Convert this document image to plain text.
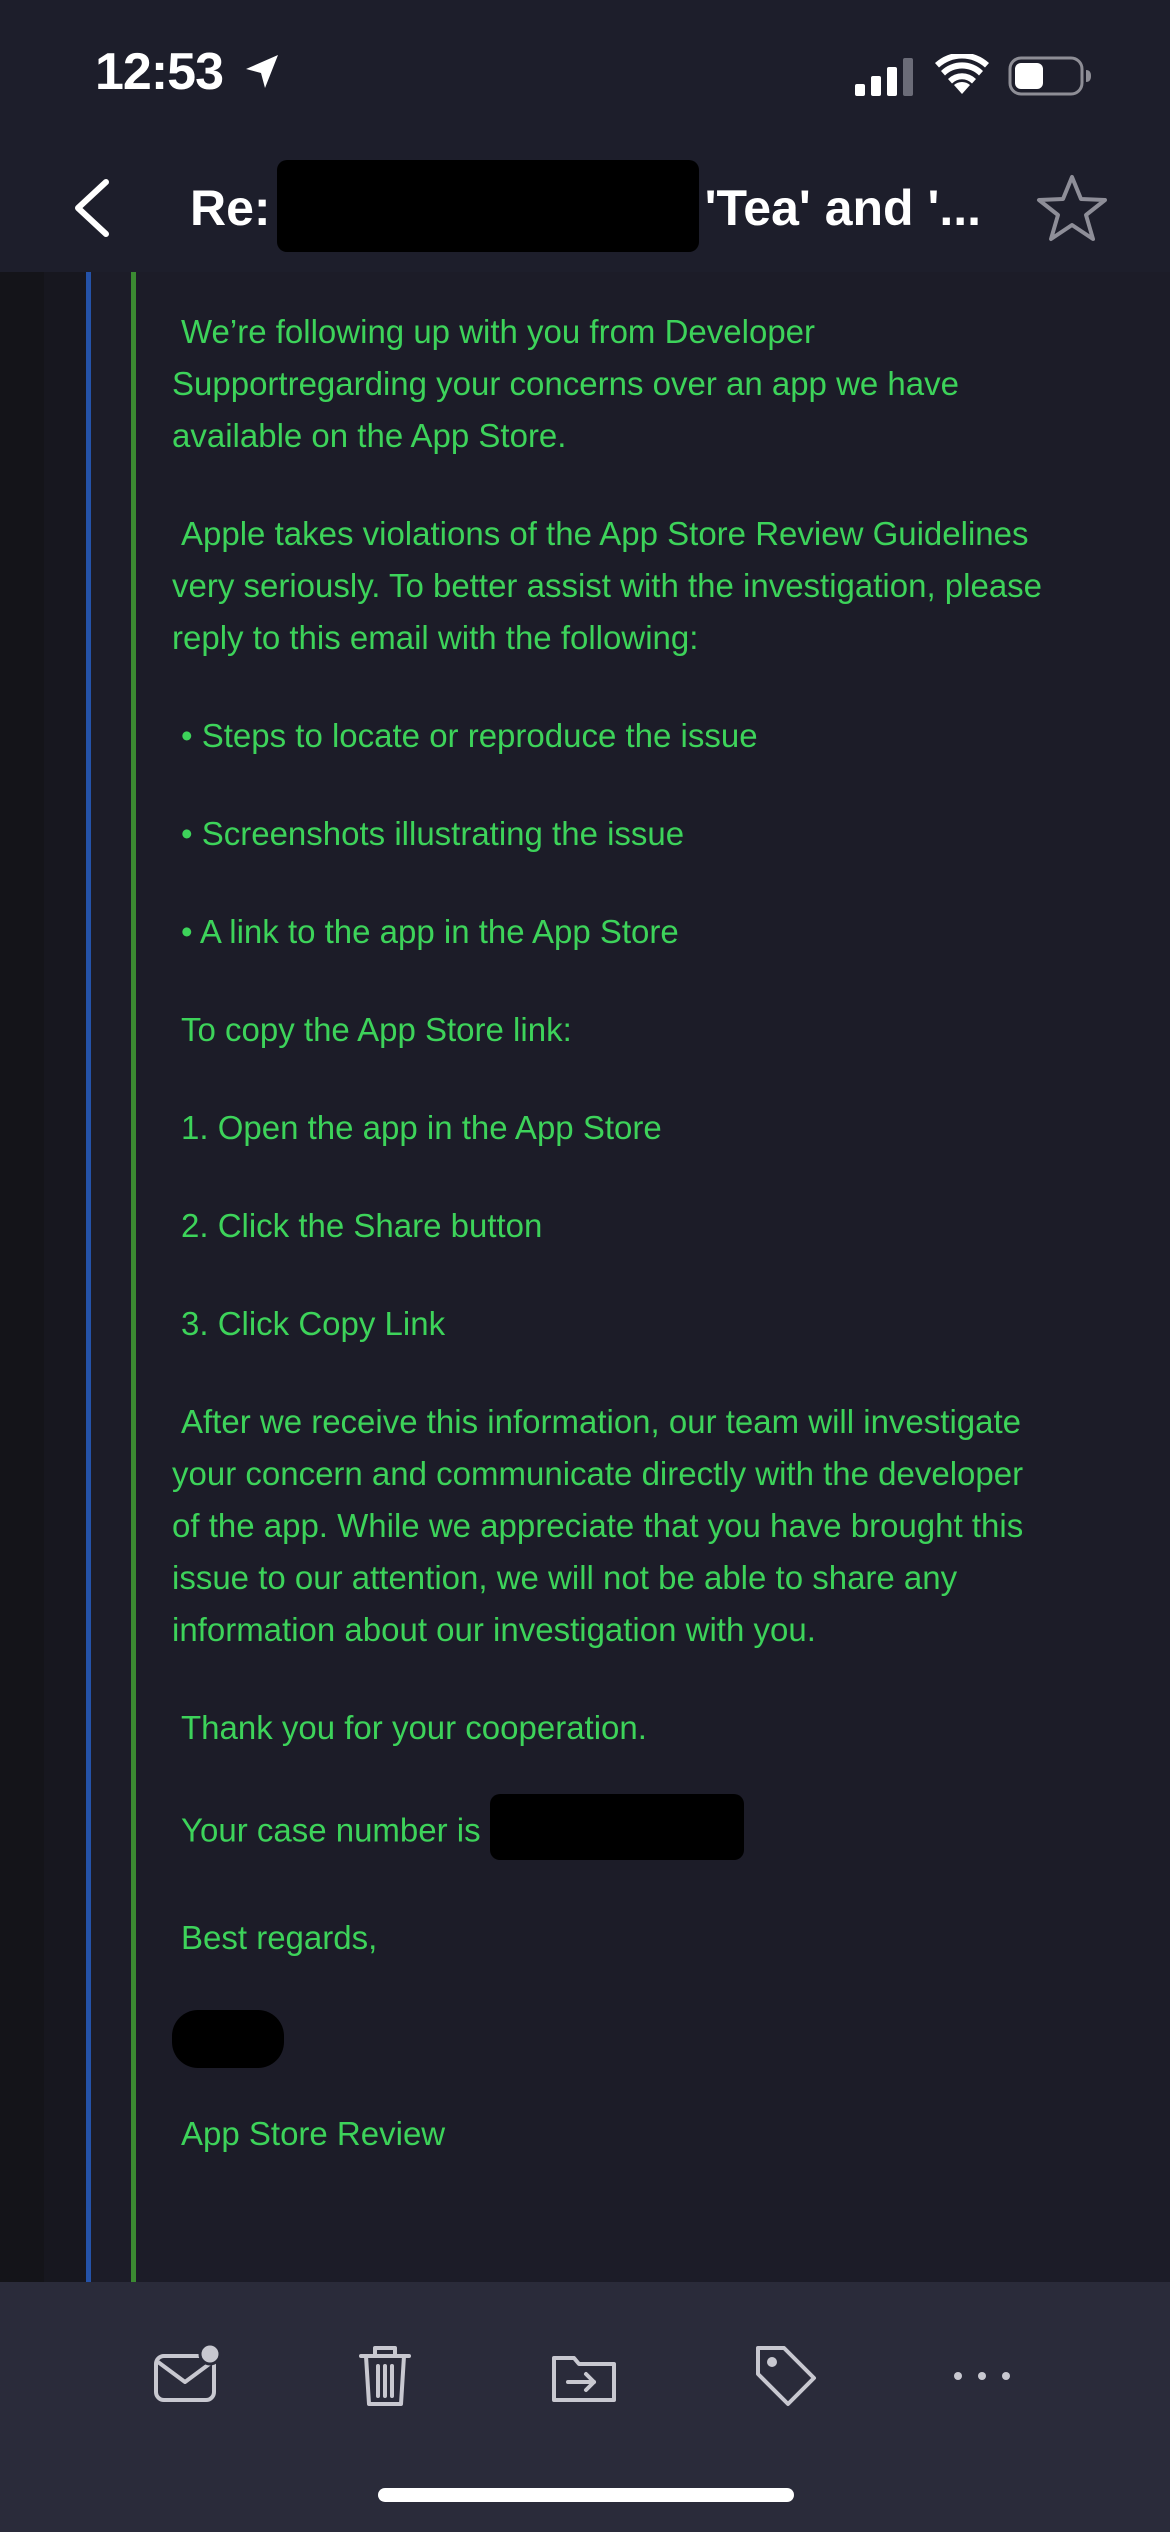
12:53
Re:	'Tea' and '...

We’re following up with you from Developer Supportregarding your concerns over an app we have available on the App Store.

Apple takes violations of the App Store Review Guidelines very seriously. To better assist with the investigation, please reply to this email with the following:

• Steps to locate or reproduce the issue

• Screenshots illustrating the issue

• A link to the app in the App Store

To copy the App Store link:

1. Open the app in the App Store

2. Click the Share button

3. Click Copy Link

After we receive this information, our team will investigate your concern and communicate directly with the developer of the app. While we appreciate that you have brought this issue to our attention, we will not be able to share any information about our investigation with you.

Thank you for your cooperation.

Your case number is

Best regards,

App Store Review
